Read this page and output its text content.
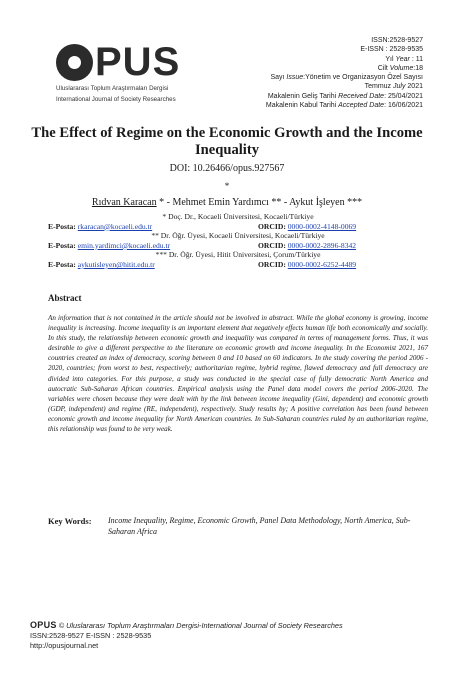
PUS
Uluslararası Toplum Araştırmaları Dergisi
International Journal of Society Researches
ISSN:2528-9527
E-ISSN : 2528-9535
Yıl Year : 11
Cilt Volume:18
Sayı Issue:Yönetim ve Organizasyon Özel Sayısı
Temmuz July 2021
Makalenin Geliş Tarihi Received Date: 25/04/2021
Makalenin Kabul Tarihi Accepted Date: 16/06/2021
The Effect of Regime on the Economic Growth and the Income Inequality
DOI: 10.26466/opus.927567
*
Rıdvan Karacan * - Mehmet Emin Yardımcı ** - Aykut İşleyen ***
* Doç. Dr., Kocaeli Üniversitesi, Kocaeli/Türkiye
E-Posta: rkaracan@kocaeli.edu.tr	ORCID: 0000-0002-4148-0069
** Dr. Öğr. Üyesi, Kocaeli Üniversitesi, Kocaeli/Türkiye
E-Posta: emin.yardimci@kocaeli.edu.tr	ORCID: 0000-0002-2896-8342
*** Dr. Öğr. Üyesi, Hitit Üniversitesi, Çorum/Türkiye
E-Posta: aykutisleyen@hitit.edu.tr	ORCID: 0000-0002-6252-4489
Abstract

An information that is not contained in the article should not be involved in abstract. While the global economy is growing, income inequality is increasing. Income inequality is an important element that negatively effects human life both economically and socially. In this study, the relationship between economic growth and inequality was compared in terms of management forms. Thus, it was desirable to give a different perspective to the literature on economic growth and income inequality. In the Economist 2021, 167 countries created an index of democracy, scoring between 0 and 10 based on 60 indicators. In the study covering the period 2006 - 2020, countries; from worst to best, respectively; authoritarian regime, hybrid regime, flawed democracy and full democracy are divided into categories. For this purpose, a study was conducted in the special case of fully democratic North America and autocratic Sub-Saharan African countries. Empirical analysis using the Panel data model covers the period 2006-2020. The variables were chosen because they were dealt with by the link between income inequality (Gini, dependent) and economic growth (GDP, independent) and regime (RE, independent), respectively. Study results by; A positive correlation has been found between economic growth and income inequality for North American countries. In Sub-Saharan countries ruled by an authoritarian regime, this relationship was found to be very weak.

Key Words: Income Inequality, Regime, Economic Growth, Panel Data Methodology, North America, Sub-Saharan Africa
OPUS © Uluslararası Toplum Araştırmaları Dergisi-International Journal of Society Researches
ISSN:2528-9527 E-ISSN : 2528-9535
http://opusjournal.net
